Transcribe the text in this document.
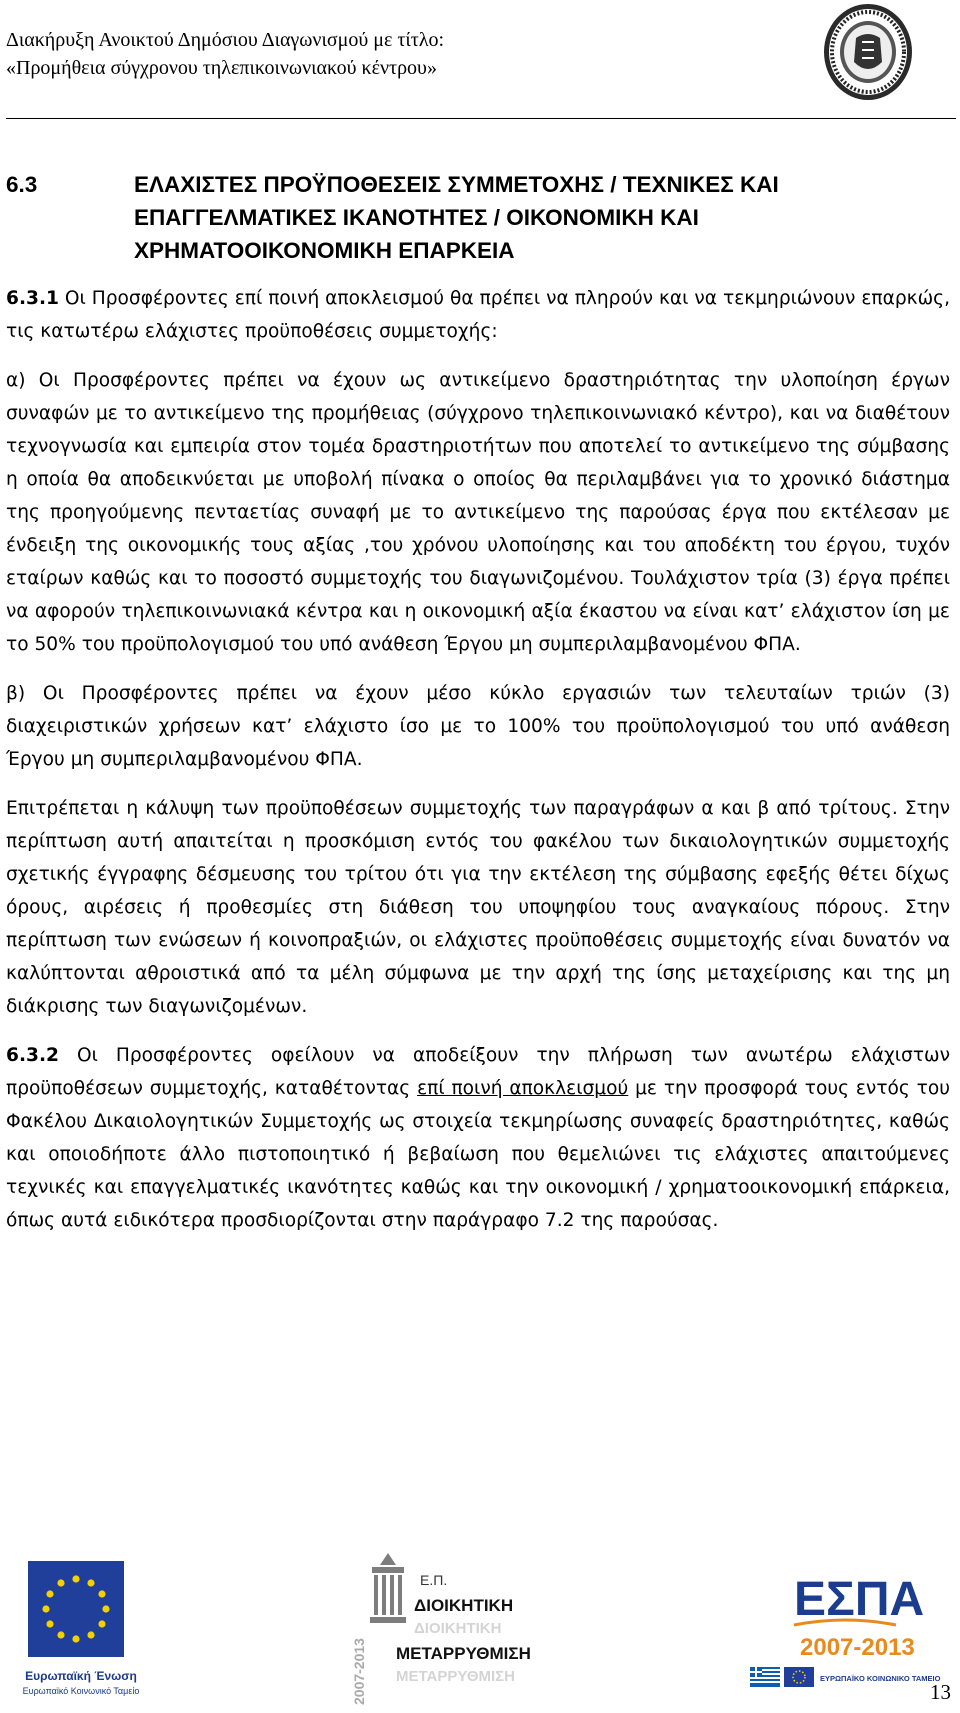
Διακήρυξη Ανοικτού Δημόσιου Διαγωνισμού με τίτλο:
«Προμήθεια σύγχρονου τηλεπικοινωνιακού κέντρου»
6.3	ΕΛΑΧΙΣΤΕΣ ΠΡΟΫΠΟΘΕΣΕΙΣ ΣΥΜΜΕΤΟΧΗΣ / ΤΕΧΝΙΚΕΣ ΚΑΙ
ΕΠΑΓΓΕΛΜΑΤΙΚΕΣ ΙΚΑΝΟΤΗΤΕΣ / ΟΙΚΟΝΟΜΙΚΗ ΚΑΙ
ΧΡΗΜΑΤΟΟΙΚΟΝΟΜΙΚΗ ΕΠΑΡΚΕΙΑ

6.3.1 Οι Προσφέροντες επί ποινή αποκλεισμού θα πρέπει να πληρούν και να τεκμηριώνουν επαρκώς, τις κατωτέρω ελάχιστες προϋποθέσεις συμμετοχής:

α) Οι Προσφέροντες πρέπει να έχουν ως αντικείμενο δραστηριότητας την υλοποίηση έργων συναφών με το αντικείμενο της προμήθειας (σύγχρονο τηλεπικοινωνιακό κέντρο), και να διαθέτουν τεχνογνωσία και εμπειρία στον τομέα δραστηριοτήτων που αποτελεί το αντικείμενο της σύμβασης η οποία θα αποδεικνύεται με υποβολή πίνακα ο οποίος θα περιλαμβάνει για το χρονικό διάστημα της προηγούμενης πενταετίας συναφή με το αντικείμενο της παρούσας έργα που εκτέλεσαν με ένδειξη της οικονομικής τους αξίας ,του χρόνου υλοποίησης και του αποδέκτη του έργου, τυχόν εταίρων καθώς και το ποσοστό συμμετοχής του διαγωνιζομένου. Τουλάχιστον τρία (3) έργα πρέπει να αφορούν τηλεπικοινωνιακά κέντρα και η οικονομική αξία έκαστου να είναι κατ’ ελάχιστον ίση με το 50% του προϋπολογισμού του υπό ανάθεση Έργου μη συμπεριλαμβανομένου ΦΠΑ.

β) Οι Προσφέροντες πρέπει να έχουν μέσο κύκλο εργασιών των τελευταίων τριών (3) διαχειριστικών χρήσεων κατ’ ελάχιστο ίσο με το 100% του προϋπολογισμού του υπό ανάθεση Έργου μη συμπεριλαμβανομένου ΦΠΑ.

Επιτρέπεται η κάλυψη των προϋποθέσεων συμμετοχής των παραγράφων α και β από τρίτους. Στην περίπτωση αυτή απαιτείται η προσκόμιση εντός του φακέλου των δικαιολογητικών συμμετοχής σχετικής έγγραφης δέσμευσης του τρίτου ότι για την εκτέλεση της σύμβασης εφεξής θέτει δίχως όρους, αιρέσεις ή προθεσμίες στη διάθεση του υποψηφίου τους αναγκαίους πόρους. Στην περίπτωση των ενώσεων ή κοινοπραξιών, οι ελάχιστες προϋποθέσεις συμμετοχής είναι δυνατόν να καλύπτονται αθροιστικά από τα μέλη σύμφωνα με την αρχή της ίσης μεταχείρισης και της μη διάκρισης των διαγωνιζομένων.

6.3.2 Οι Προσφέροντες οφείλουν να αποδείξουν την πλήρωση των ανωτέρω ελάχιστων προϋποθέσεων συμμετοχής, καταθέτοντας επί ποινή αποκλεισμού με την προσφορά τους εντός του Φακέλου Δικαιολογητικών Συμμετοχής ως στοιχεία τεκμηρίωσης συναφείς δραστηριότητες, καθώς και οποιοδήποτε άλλο πιστοποιητικό ή βεβαίωση που θεμελιώνει τις ελάχιστες απαιτούμενες τεχνικές και επαγγελματικές ικανότητες καθώς και την οικονομική / χρηματοοικονομική επάρκεια, όπως αυτά ειδικότερα προσδιορίζονται στην παράγραφο 7.2 της παρούσας.

Ευρωπαϊκή Ένωση
Ευρωπαϊκό Κοινωνικό Ταμείο	2007-2013
Ε.Π.
ΔΙΟΙΚΗΤΙΚΗ
ΔΙΟΙΚΗΤΙΚΗ
ΜΕΤΑΡΡΥΘΜΙΣΗ
ΜΕΤΑΡΡΥΘΜΙΣΗ
ΕΣΠΑ
2007-2013
ΕΥΡΩΠΑΪΚΟ ΚΟΙΝΩΝΙΚΟ ΤΑΜΕΙΟ
13
